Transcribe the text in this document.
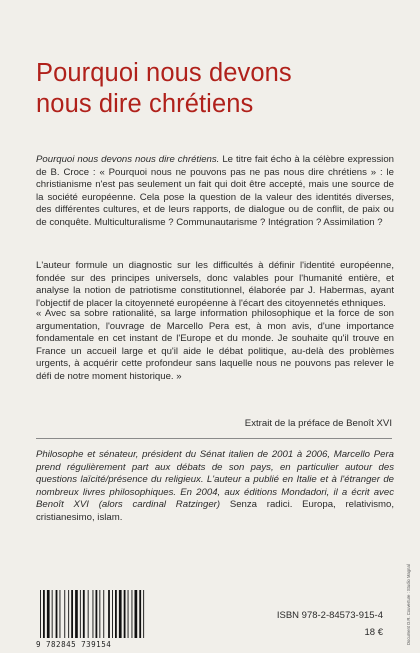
Pourquoi nous devons
nous dire chrétiens
Pourquoi nous devons nous dire chrétiens. Le titre fait écho à la célèbre expression de B. Croce : « Pourquoi nous ne pouvons pas ne pas nous dire chrétiens » : le christianisme n'est pas seulement un fait qui doit être accepté, mais une source de la société européenne. Cela pose la question de la valeur des identités diverses, des différentes cultures, et de leurs rapports, de dialogue ou de conflit, de paix ou de conquête. Multiculturalisme ? Communautarisme ? Intégration ? Assimilation ?
L'auteur formule un diagnostic sur les difficultés à définir l'identité européenne, fondée sur des principes universels, donc valables pour l'humanité entière, et analyse la notion de patriotisme constitutionnel, élaborée par J. Habermas, ayant l'objectif de placer la citoyenneté européenne à l'écart des citoyennetés ethniques.
« Avec sa sobre rationalité, sa large information philosophique et la force de son argumentation, l'ouvrage de Marcello Pera est, à mon avis, d'une importance fondamentale en cet instant de l'Europe et du monde. Je souhaite qu'il trouve en France un accueil large et qu'il aide le débat politique, au-delà des problèmes urgents, à acquérir cette profondeur sans laquelle nous ne pouvons pas relever le défi de notre moment historique. »
Extrait de la préface de Benoît XVI
Philosophe et sénateur, président du Sénat italien de 2001 à 2006, Marcello Pera prend régulièrement part aux débats de son pays, en particulier autour des questions laïcité/présence du religieux. L'auteur a publié en Italie et à l'étranger de nombreux livres philosophiques. En 2004, aux éditions Mondadori, il a écrit avec Benoît XVI (alors cardinal Ratzinger) Senza radici. Europa, relativismo, cristianesimo, islam.
9 782845 739154
ISBN 978-2-84573-915-4
18 €	Document D.R. Couverture : Studio Magnal
